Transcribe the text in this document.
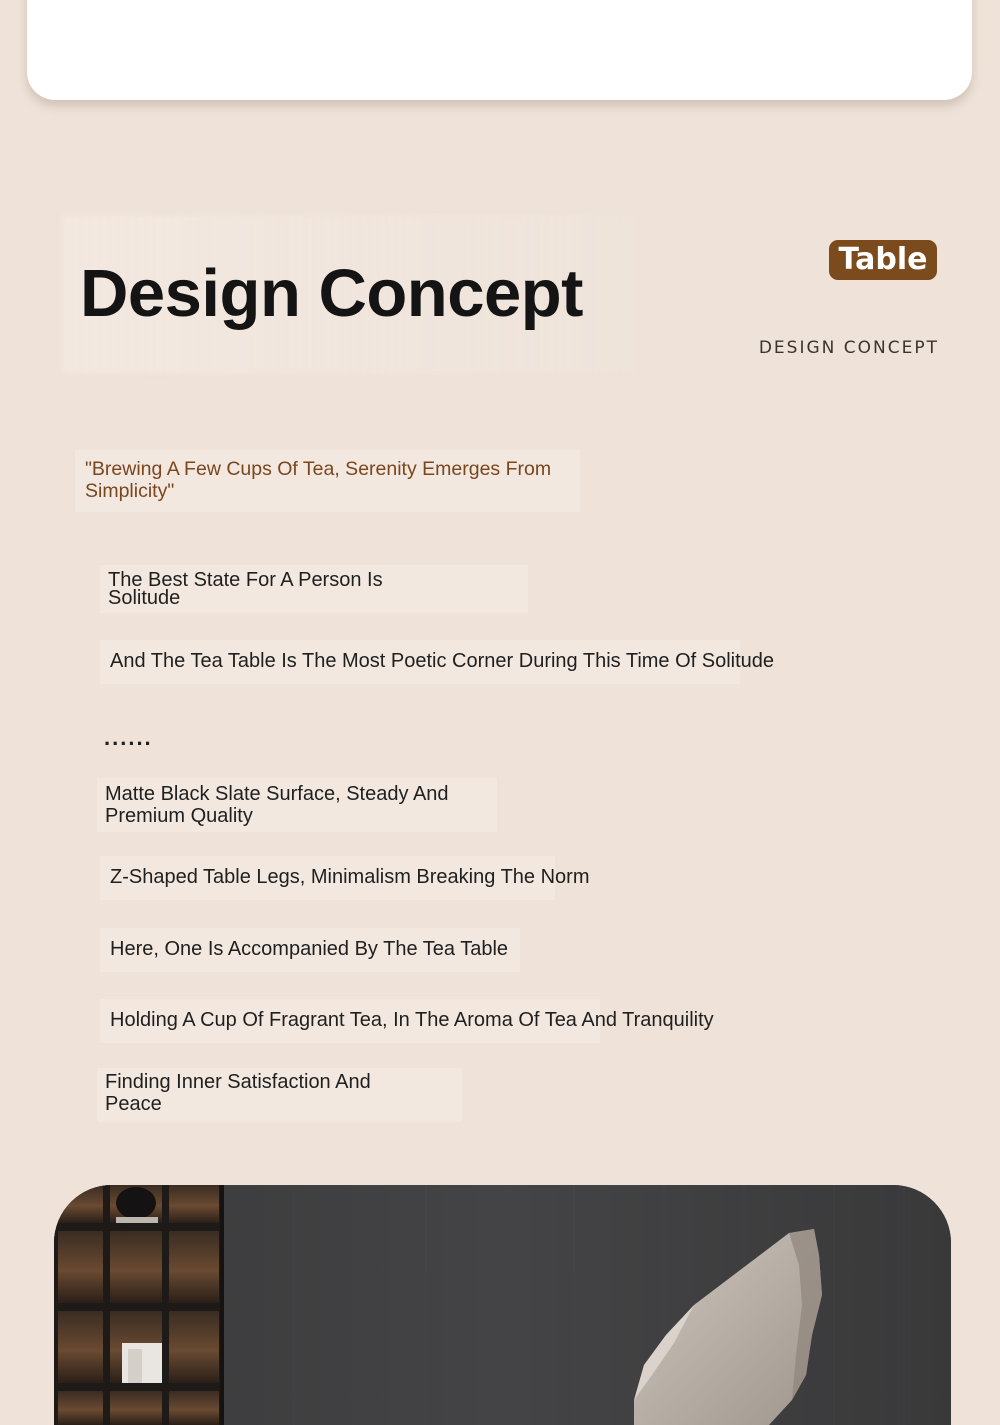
Design Concept	Table
DESIGN CONCEPT

"Brewing A Few Cups Of Tea, Serenity Emerges From Simplicity"

The Best State For A Person Is Solitude

And The Tea Table Is The Most Poetic Corner During This Time Of Solitude

......

Matte Black Slate Surface, Steady And Premium Quality

Z-Shaped Table Legs, Minimalism Breaking The Norm

Here, One Is Accompanied By The Tea Table

Holding A Cup Of Fragrant Tea, In The Aroma Of Tea And Tranquility

Finding Inner Satisfaction And Peace
